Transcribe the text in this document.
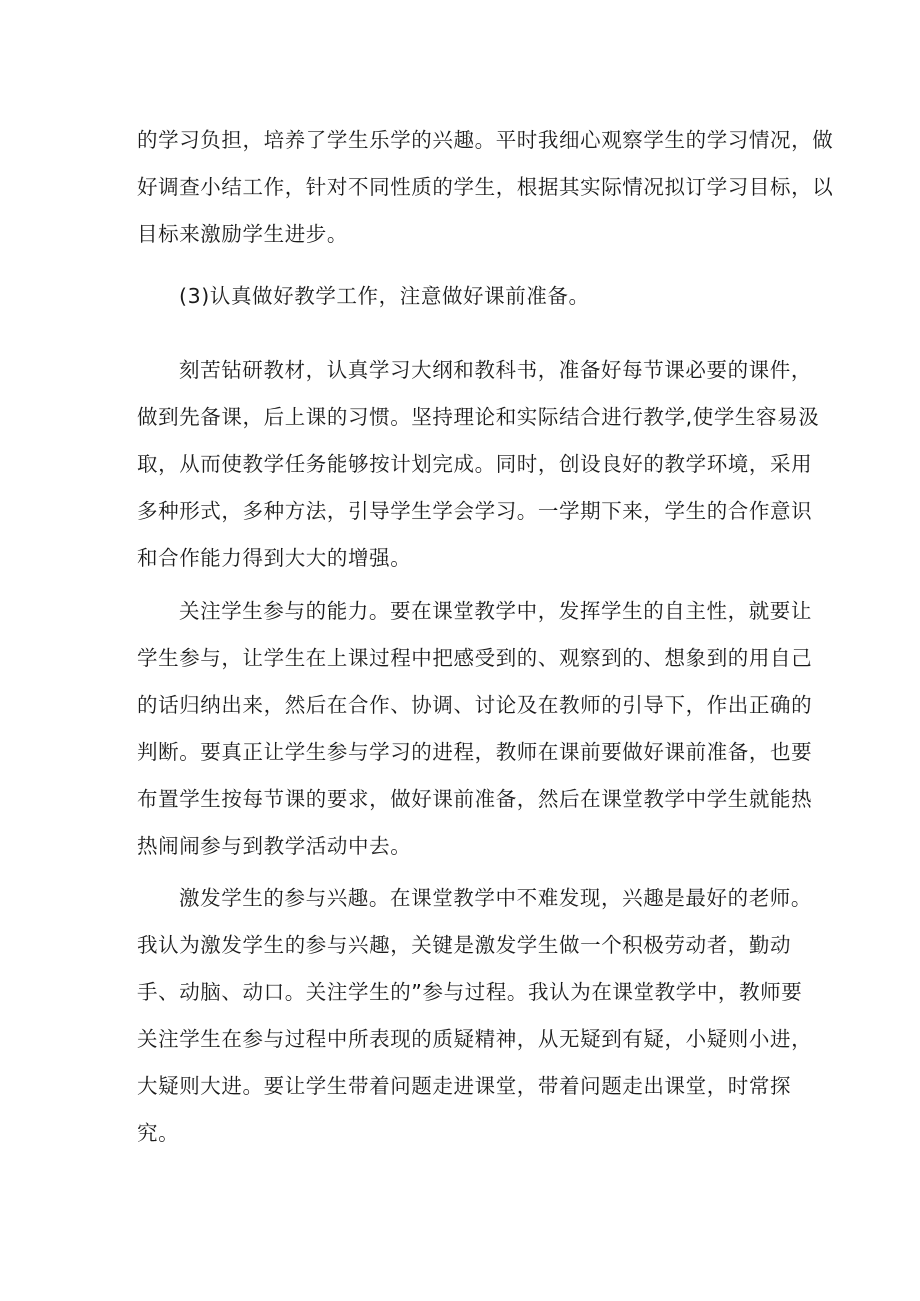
的学习负担，培养了学生乐学的兴趣。平时我细心观察学生的学习情况，做

好调查小结工作，针对不同性质的学生，根据其实际情况拟订学习目标，以

目标来激励学生进步。

(3)认真做好教学工作，注意做好课前准备。

刻苦钻研教材，认真学习大纲和教科书，准备好每节课必要的课件，

做到先备课，后上课的习惯。坚持理论和实际结合进行教学,使学生容易汲

取，从而使教学任务能够按计划完成。同时，创设良好的教学环境，采用

多种形式，多种方法，引导学生学会学习。一学期下来，学生的合作意识

和合作能力得到大大的增强。

关注学生参与的能力。要在课堂教学中，发挥学生的自主性，就要让

学生参与，让学生在上课过程中把感受到的、观察到的、想象到的用自己

的话归纳出来，然后在合作、协调、讨论及在教师的引导下，作出正确的

判断。要真正让学生参与学习的进程，教师在课前要做好课前准备，也要

布置学生按每节课的要求，做好课前准备，然后在课堂教学中学生就能热

热闹闹参与到教学活动中去。

激发学生的参与兴趣。在课堂教学中不难发现，兴趣是最好的老师。

我认为激发学生的参与兴趣，关键是激发学生做一个积极劳动者，勤动

手、动脑、动口。关注学生的”参与过程。我认为在课堂教学中，教师要

关注学生在参与过程中所表现的质疑精神，从无疑到有疑，小疑则小进，

大疑则大进。要让学生带着问题走进课堂，带着问题走出课堂，时常探

究。
